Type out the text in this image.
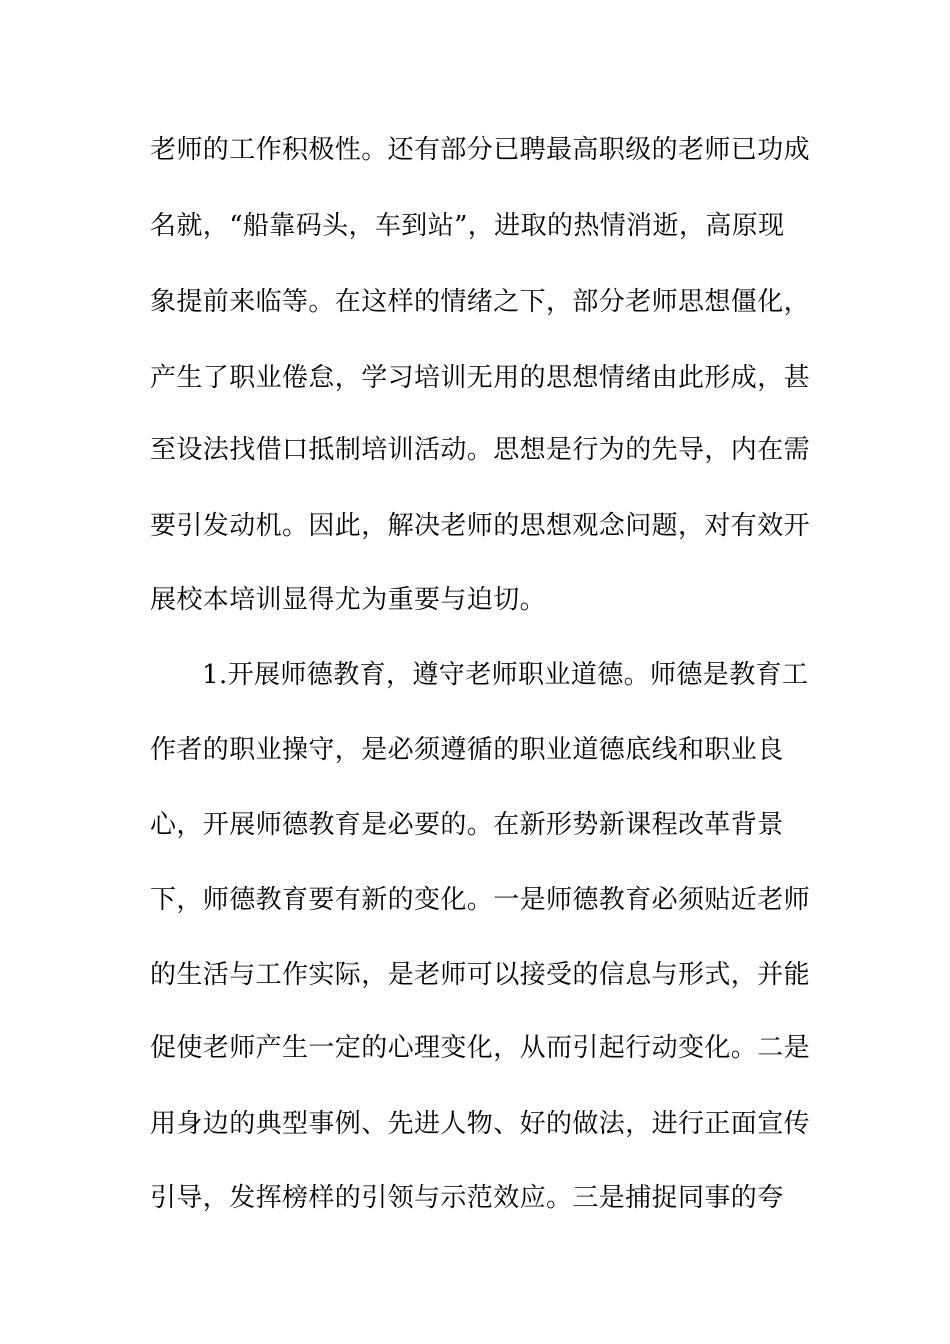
老师的工作积极性。还有部分已聘最高职级的老师已功成
名就，“船靠码头，车到站”，进取的热情消逝，高原现
象提前来临等。在这样的情绪之下，部分老师思想僵化，
产生了职业倦怠，学习培训无用的思想情绪由此形成，甚
至设法找借口抵制培训活动。思想是行为的先导，内在需
要引发动机。因此，解决老师的思想观念问题，对有效开
展校本培训显得尤为重要与迫切。
1.开展师德教育，遵守老师职业道德。师德是教育工
作者的职业操守，是必须遵循的职业道德底线和职业良
心，开展师德教育是必要的。在新形势新课程改革背景
下，师德教育要有新的变化。一是师德教育必须贴近老师
的生活与工作实际，是老师可以接受的信息与形式，并能
促使老师产生一定的心理变化，从而引起行动变化。二是
用身边的典型事例、先进人物、好的做法，进行正面宣传
引导，发挥榜样的引领与示范效应。三是捕捉同事的夸
